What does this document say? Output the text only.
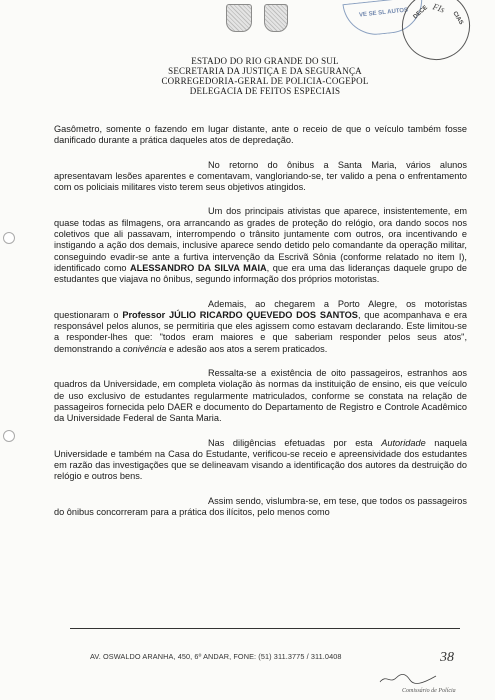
VE SE SL AUTOS DECE FIs
CIAS
ESTADO DO RIO GRANDE DO SUL
SECRETARIA DA JUSTIÇA E DA SEGURANÇA
CORREGEDORIA-GERAL DE POLICIA-COGEPOL
DELEGACIA DE FEITOS ESPECIAIS

Gasômetro, somente o fazendo em lugar distante, ante o receio de que o veículo também fosse danificado durante a prática daqueles atos de depredação.

No retorno do ônibus a Santa Maria, vários alunos apresentavam lesões aparentes e comentavam, vangloriando-se, ter valido a pena o enfrentamento com os policiais militares visto terem seus objetivos atingidos.

Um dos principais ativistas que aparece, insistentemente, em quase todas as filmagens, ora arrancando as grades de proteção do relógio, ora dando socos nos coletivos que ali passavam, interrompendo o trânsito juntamente com outros, ora incentivando e instigando a ação dos demais, inclusive aparece sendo detido pelo comandante da operação militar, conseguindo evadir-se ante a furtiva intervenção da Escrivã Sônia (conforme relatado no item I), identificado como ALESSANDRO DA SILVA MAIA, que era uma das lideranças daquele grupo de estudantes que viajava no ônibus, segundo informação dos próprios motoristas.

Ademais, ao chegarem a Porto Alegre, os motoristas questionaram o Professor JÚLIO RICARDO QUEVEDO DOS SANTOS, que acompanhava e era responsável pelos alunos, se permitiria que eles agissem como estavam declarando. Este limitou-se a responder-lhes que: "todos eram maiores e que saberiam responder pelos seus atos", demonstrando a conivência e adesão aos atos a serem praticados.

Ressalta-se a existência de oito passageiros, estranhos aos quadros da Universidade, em completa violação às normas da instituição de ensino, eis que veículo de uso exclusivo de estudantes regularmente matriculados, conforme se constata na relação de passageiros fornecida pelo DAER e documento do Departamento de Registro e Controle Acadêmico da Universidade Federal de Santa Maria.

Nas diligências efetuadas por esta Autoridade naquela Universidade e também na Casa do Estudante, verificou-se receio e apreensividade dos estudantes em razão das investigações que se delineavam visando a identificação dos autores da destruição do relógio e outros bens.

Assim sendo, vislumbra-se, em tese, que todos os passageiros do ônibus concorreram para a prática dos ilícitos, pelo menos como

AV. OSWALDO ARANHA, 450, 6º ANDAR, FONE: (51) 311.3775 / 311.0408	38
Comissário de Polícia
